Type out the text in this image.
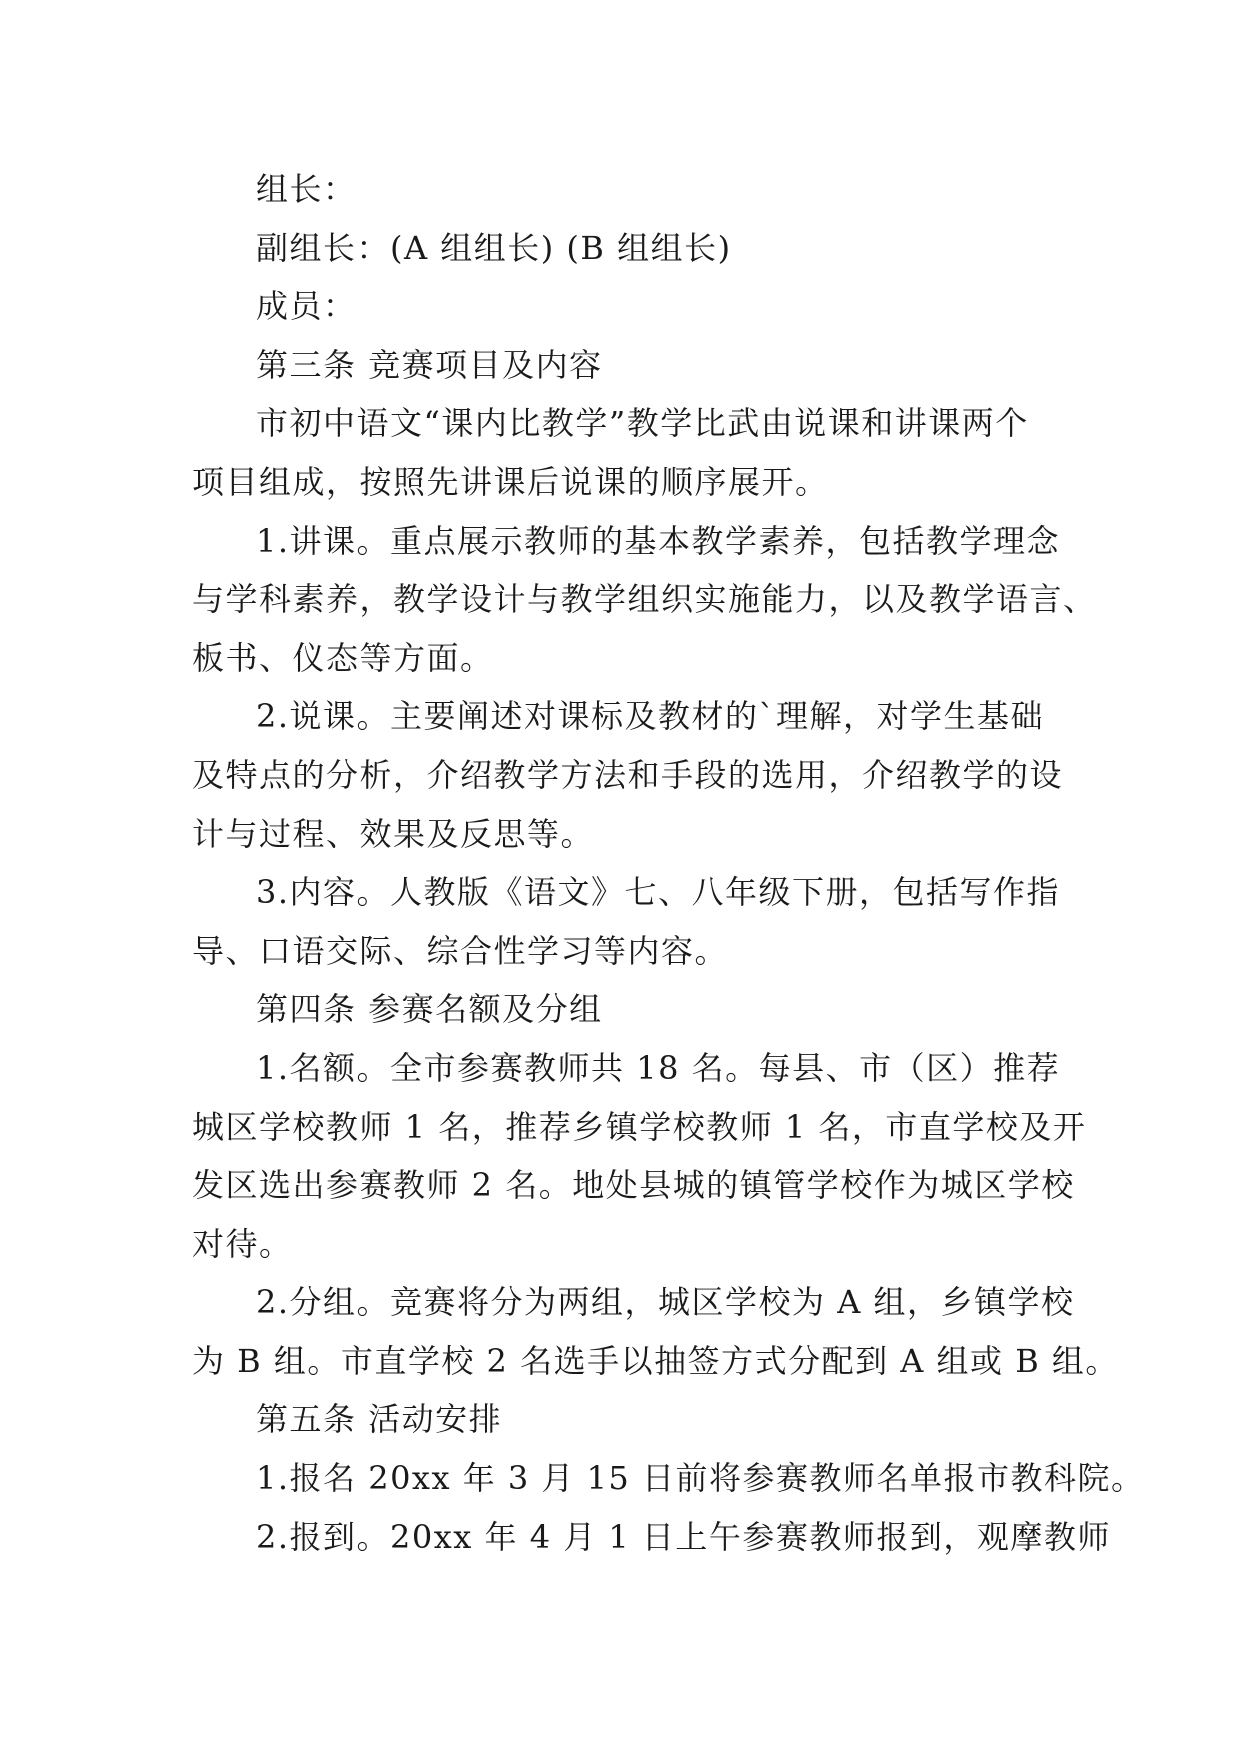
组长：
副组长：(A 组组长) (B 组组长)
成员：
第三条 竞赛项目及内容
市初中语文“课内比教学”教学比武由说课和讲课两个
项目组成，按照先讲课后说课的顺序展开。
1.讲课。重点展示教师的基本教学素养，包括教学理念
与学科素养，教学设计与教学组织实施能力，以及教学语言、
板书、仪态等方面。
2.说课。主要阐述对课标及教材的`理解，对学生基础
及特点的分析，介绍教学方法和手段的选用，介绍教学的设
计与过程、效果及反思等。
3.内容。人教版《语文》七、八年级下册，包括写作指
导、口语交际、综合性学习等内容。
第四条 参赛名额及分组
1.名额。全市参赛教师共 18 名。每县、市（区）推荐
城区学校教师 1 名，推荐乡镇学校教师 1 名，市直学校及开
发区选出参赛教师 2 名。地处县城的镇管学校作为城区学校
对待。
2.分组。竞赛将分为两组，城区学校为 A 组，乡镇学校
为 B 组。市直学校 2 名选手以抽签方式分配到 A 组或 B 组。
第五条 活动安排
1.报名 20xx 年 3 月 15 日前将参赛教师名单报市教科院。
2.报到。20xx 年 4 月 1 日上午参赛教师报到，观摩教师
